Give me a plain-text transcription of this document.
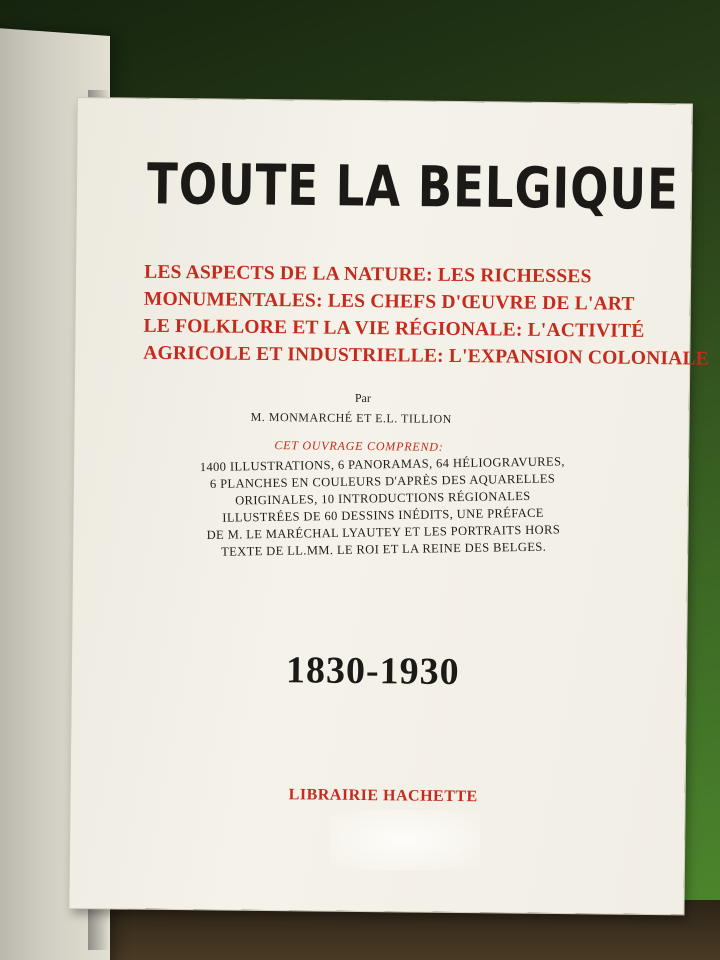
TOUTE LA BELGIQUE
LES ASPECTS DE LA NATURE: LES RICHESSES
MONUMENTALES: LES CHEFS D'ŒUVRE DE L'ART
LE FOLKLORE ET LA VIE RÉGIONALE: L'ACTIVITÉ
AGRICOLE ET INDUSTRIELLE: L'EXPANSION COLONIALE
Par
M. MONMARCHÉ ET E.L. TILLION
CET OUVRAGE COMPREND:
1400 ILLUSTRATIONS, 6 PANORAMAS, 64 HÉLIOGRAVURES,
6 PLANCHES EN COULEURS D'APRÈS DES AQUARELLES
ORIGINALES, 10 INTRODUCTIONS RÉGIONALES
ILLUSTRÉES DE 60 DESSINS INÉDITS, UNE PRÉFACE
DE M. LE MARÉCHAL LYAUTEY ET LES PORTRAITS HORS
TEXTE DE LL.MM. LE ROI ET LA REINE DES BELGES.
1830-1930
LIBRAIRIE HACHETTE
